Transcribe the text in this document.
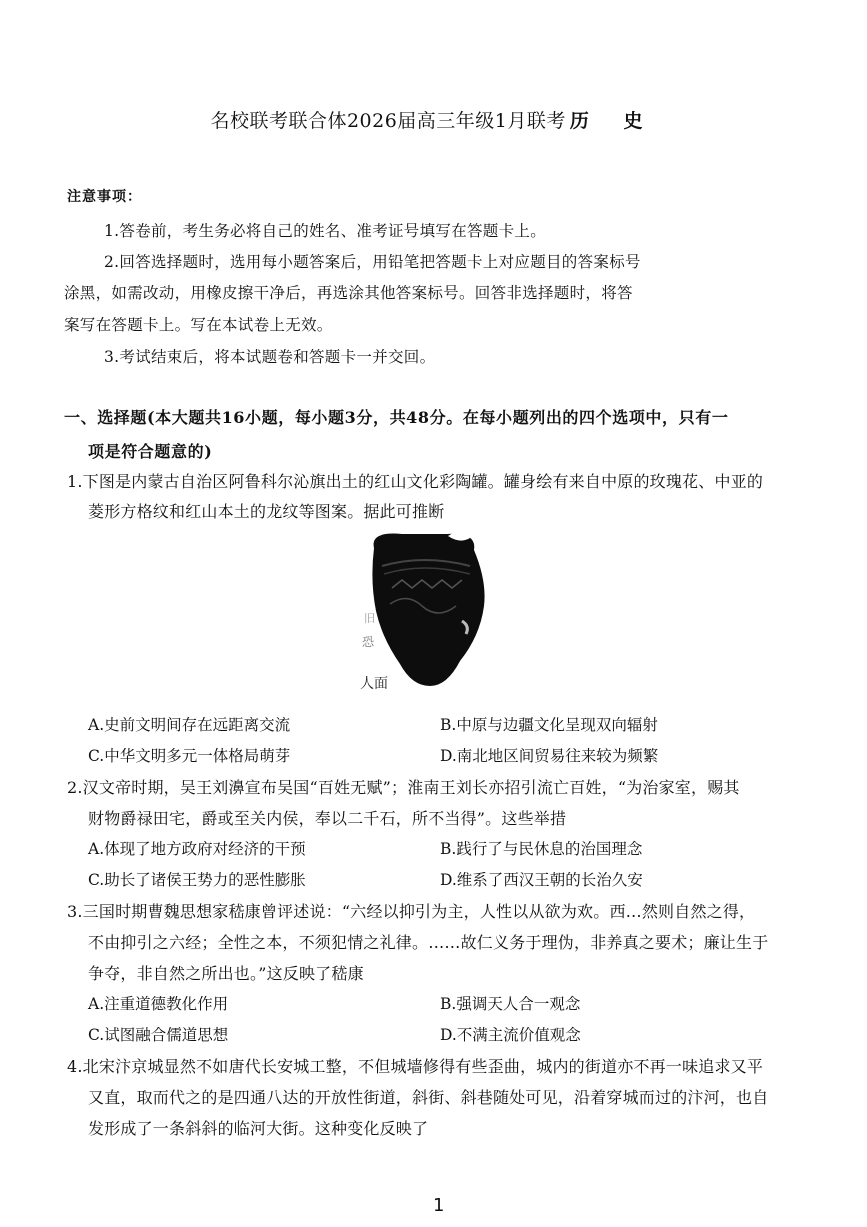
名校联考联合体2026届高三年级1月联考 历 史
注意事项：
1.答卷前，考生务必将自己的姓名、准考证号填写在答题卡上。
2.回答选择题时，选用每小题答案后，用铅笔把答题卡上对应题目的答案标号
涂黑，如需改动，用橡皮擦干净后，再选涂其他答案标号。回答非选择题时，将答
案写在答题卡上。写在本试卷上无效。
3.考试结束后，将本试题卷和答题卡一并交回。
一、选择题(本大题共16小题，每小题3分，共48分。在每小题列出的四个选项中，只有一
项是符合题意的)
1.下图是内蒙古自治区阿鲁科尔沁旗出土的红山文化彩陶罐。罐身绘有来自中原的玫瑰花、中亚的
菱形方格纹和红山本土的龙纹等图案。据此可推断
恐
旧
人面
A.史前文明间存在远距离交流	B.中原与边疆文化呈现双向辐射
C.中华文明多元一体格局萌芽	D.南北地区间贸易往来较为频繁
2.汉文帝时期，吴王刘濞宣布吴国“百姓无赋”；淮南王刘长亦招引流亡百姓，“为治家室，赐其
财物爵禄田宅，爵或至关内侯，奉以二千石，所不当得”。这些举措
A.体现了地方政府对经济的干预	B.践行了与民休息的治国理念
C.助长了诸侯王势力的恶性膨胀	D.维系了西汉王朝的长治久安
3.三国时期曹魏思想家嵇康曾评述说：“六经以抑引为主，人性以从欲为欢。西…然则自然之得，
不由抑引之六经；全性之本，不须犯情之礼律。……故仁义务于理伪，非养真之要术；廉让生于
争夺，非自然之所出也。”这反映了嵇康
A.注重道德教化作用	B.强调天人合一观念
C.试图融合儒道思想	D.不满主流价值观念
4.北宋汴京城显然不如唐代长安城工整，不但城墙修得有些歪曲，城内的街道亦不再一味追求又平
又直，取而代之的是四通八达的开放性街道，斜街、斜巷随处可见，沿着穿城而过的汴河，也自
发形成了一条斜斜的临河大街。这种变化反映了
1
